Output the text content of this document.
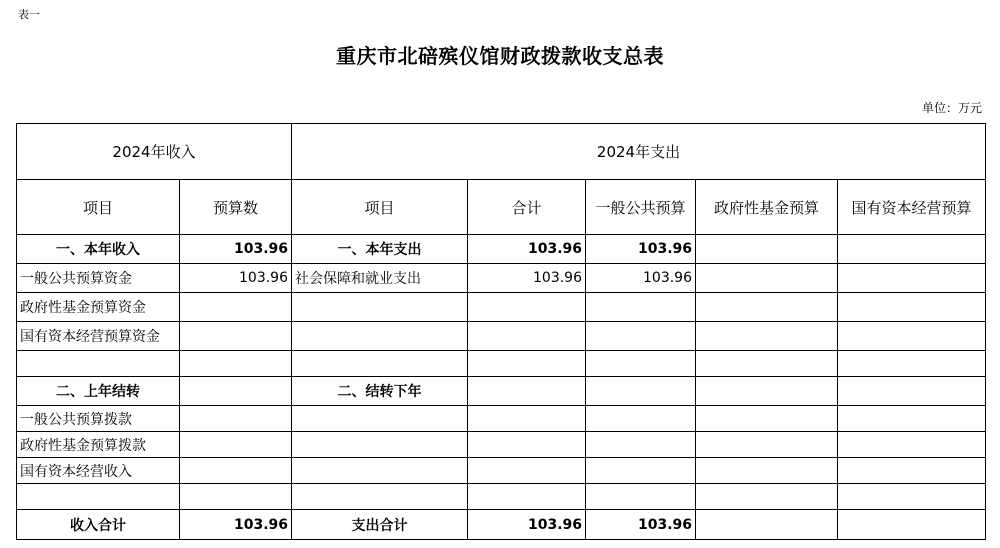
表一
重庆市北碚殡仪馆财政拨款收支总表
单位：万元
2024年收入		2024年支出				
项目	预算数	项目	合计	一般公共预算	政府性基金预算	国有资本经营预算
一、本年收入	103.96	一、本年支出	103.96	103.96		
一般公共预算资金	103.96	社会保障和就业支出	103.96	103.96		
政府性基金预算资金						
国有资本经营预算资金						

二、上年结转		二、结转下年				
一般公共预算拨款						
政府性基金预算拨款						
国有资本经营收入						

收入合计	103.96	支出合计	103.96	103.96		
